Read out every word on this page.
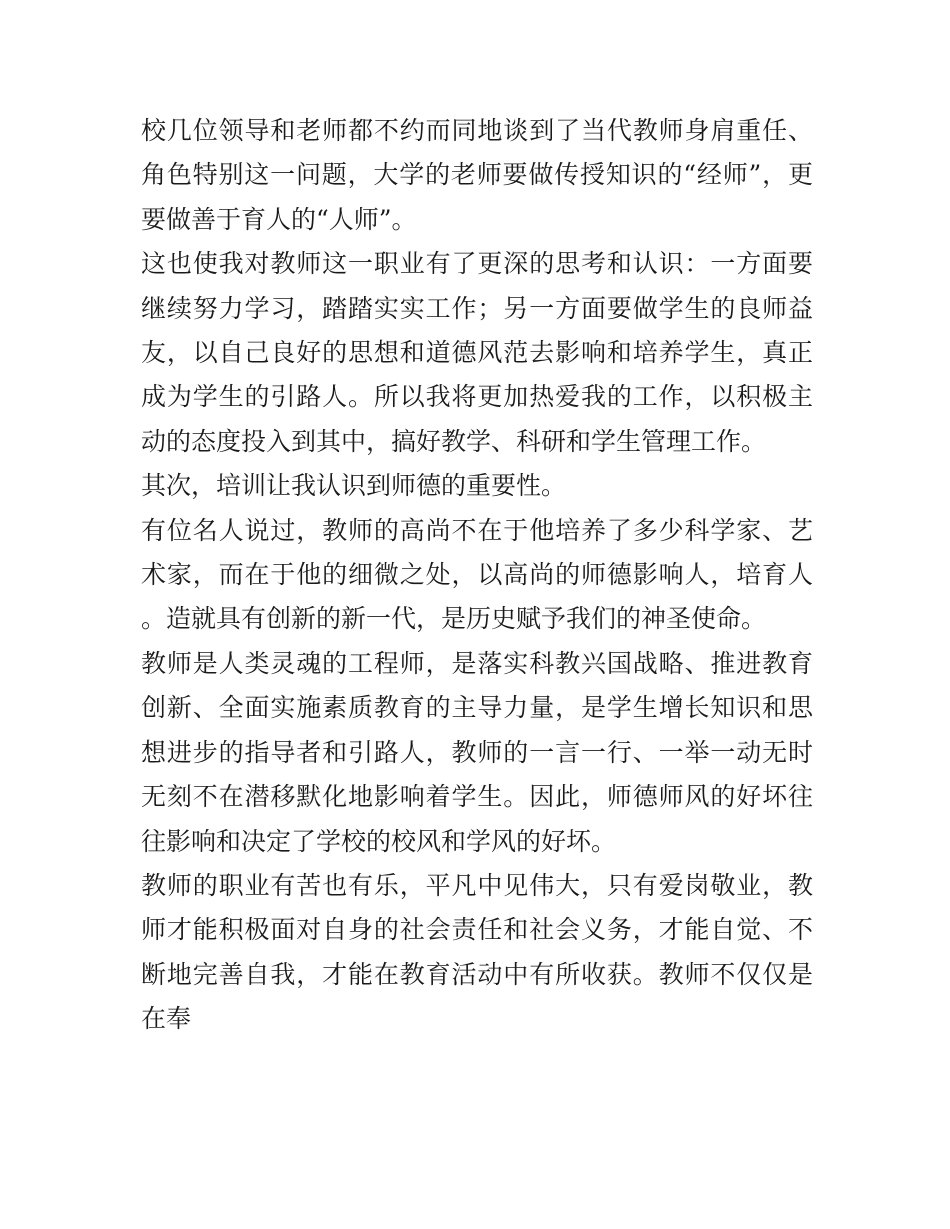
校几位领导和老师都不约而同地谈到了当代教师身肩重任、角色特别这一问题，大学的老师要做传授知识的“经师”，更要做善于育人的“人师”。

这也使我对教师这一职业有了更深的思考和认识：一方面要继续努力学习，踏踏实实工作；另一方面要做学生的良师益友，以自己良好的思想和道德风范去影响和培养学生，真正成为学生的引路人。所以我将更加热爱我的工作，以积极主动的态度投入到其中，搞好教学、科研和学生管理工作。

其次，培训让我认识到师德的重要性。

有位名人说过，教师的高尚不在于他培养了多少科学家、艺术家，而在于他的细微之处，以高尚的师德影响人，培育人。造就具有创新的新一代，是历史赋予我们的神圣使命。

教师是人类灵魂的工程师，是落实科教兴国战略、推进教育创新、全面实施素质教育的主导力量，是学生增长知识和思想进步的指导者和引路人，教师的一言一行、一举一动无时无刻不在潜移默化地影响着学生。因此，师德师风的好坏往往影响和决定了学校的校风和学风的好坏。

教师的职业有苦也有乐，平凡中见伟大，只有爱岗敬业，教师才能积极面对自身的社会责任和社会义务，才能自觉、不断地完善自我，才能在教育活动中有所收获。教师不仅仅是在奉
